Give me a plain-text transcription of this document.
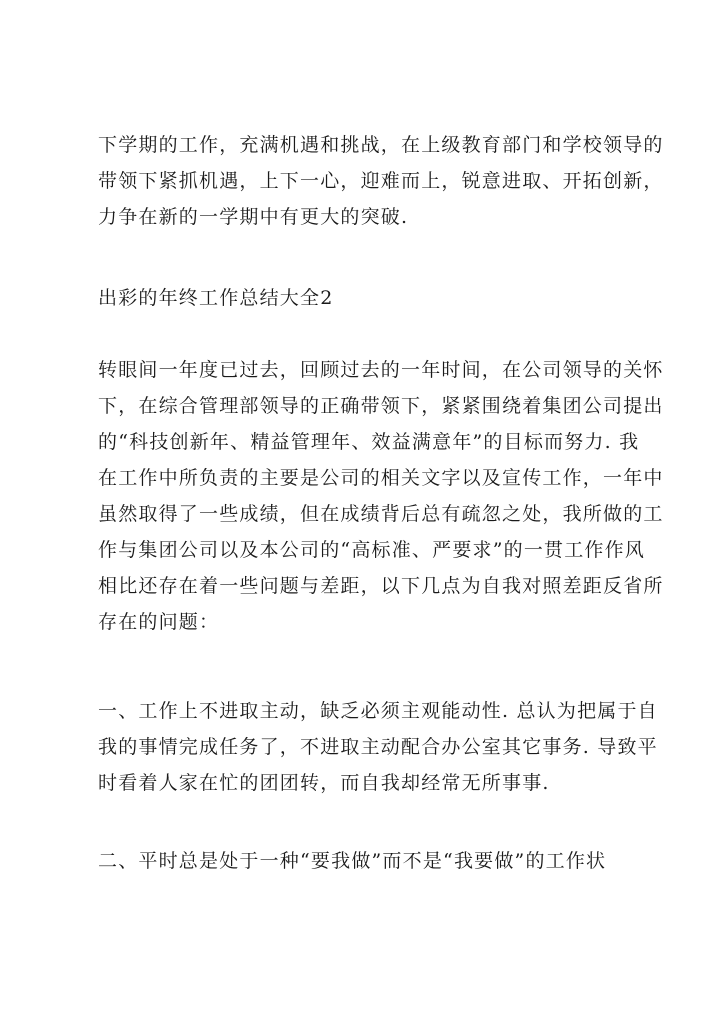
下学期的工作，充满机遇和挑战，在上级教育部门和学校领导的
带领下紧抓机遇，上下一心，迎难而上，锐意进取、开拓创新，
力争在新的一学期中有更大的突破.

出彩的年终工作总结大全2

转眼间一年度已过去，回顾过去的一年时间，在公司领导的关怀
下，在综合管理部领导的正确带领下，紧紧围绕着集团公司提出
的“科技创新年、精益管理年、效益满意年”的目标而努力. 我
在工作中所负责的主要是公司的相关文字以及宣传工作，一年中
虽然取得了一些成绩，但在成绩背后总有疏忽之处，我所做的工
作与集团公司以及本公司的“高标准、严要求”的一贯工作作风
相比还存在着一些问题与差距，以下几点为自我对照差距反省所
存在的问题：

一、工作上不进取主动，缺乏必须主观能动性. 总认为把属于自
我的事情完成任务了，不进取主动配合办公室其它事务. 导致平
时看着人家在忙的团团转，而自我却经常无所事事.

二、平时总是处于一种“要我做”而不是“我要做”的工作状
